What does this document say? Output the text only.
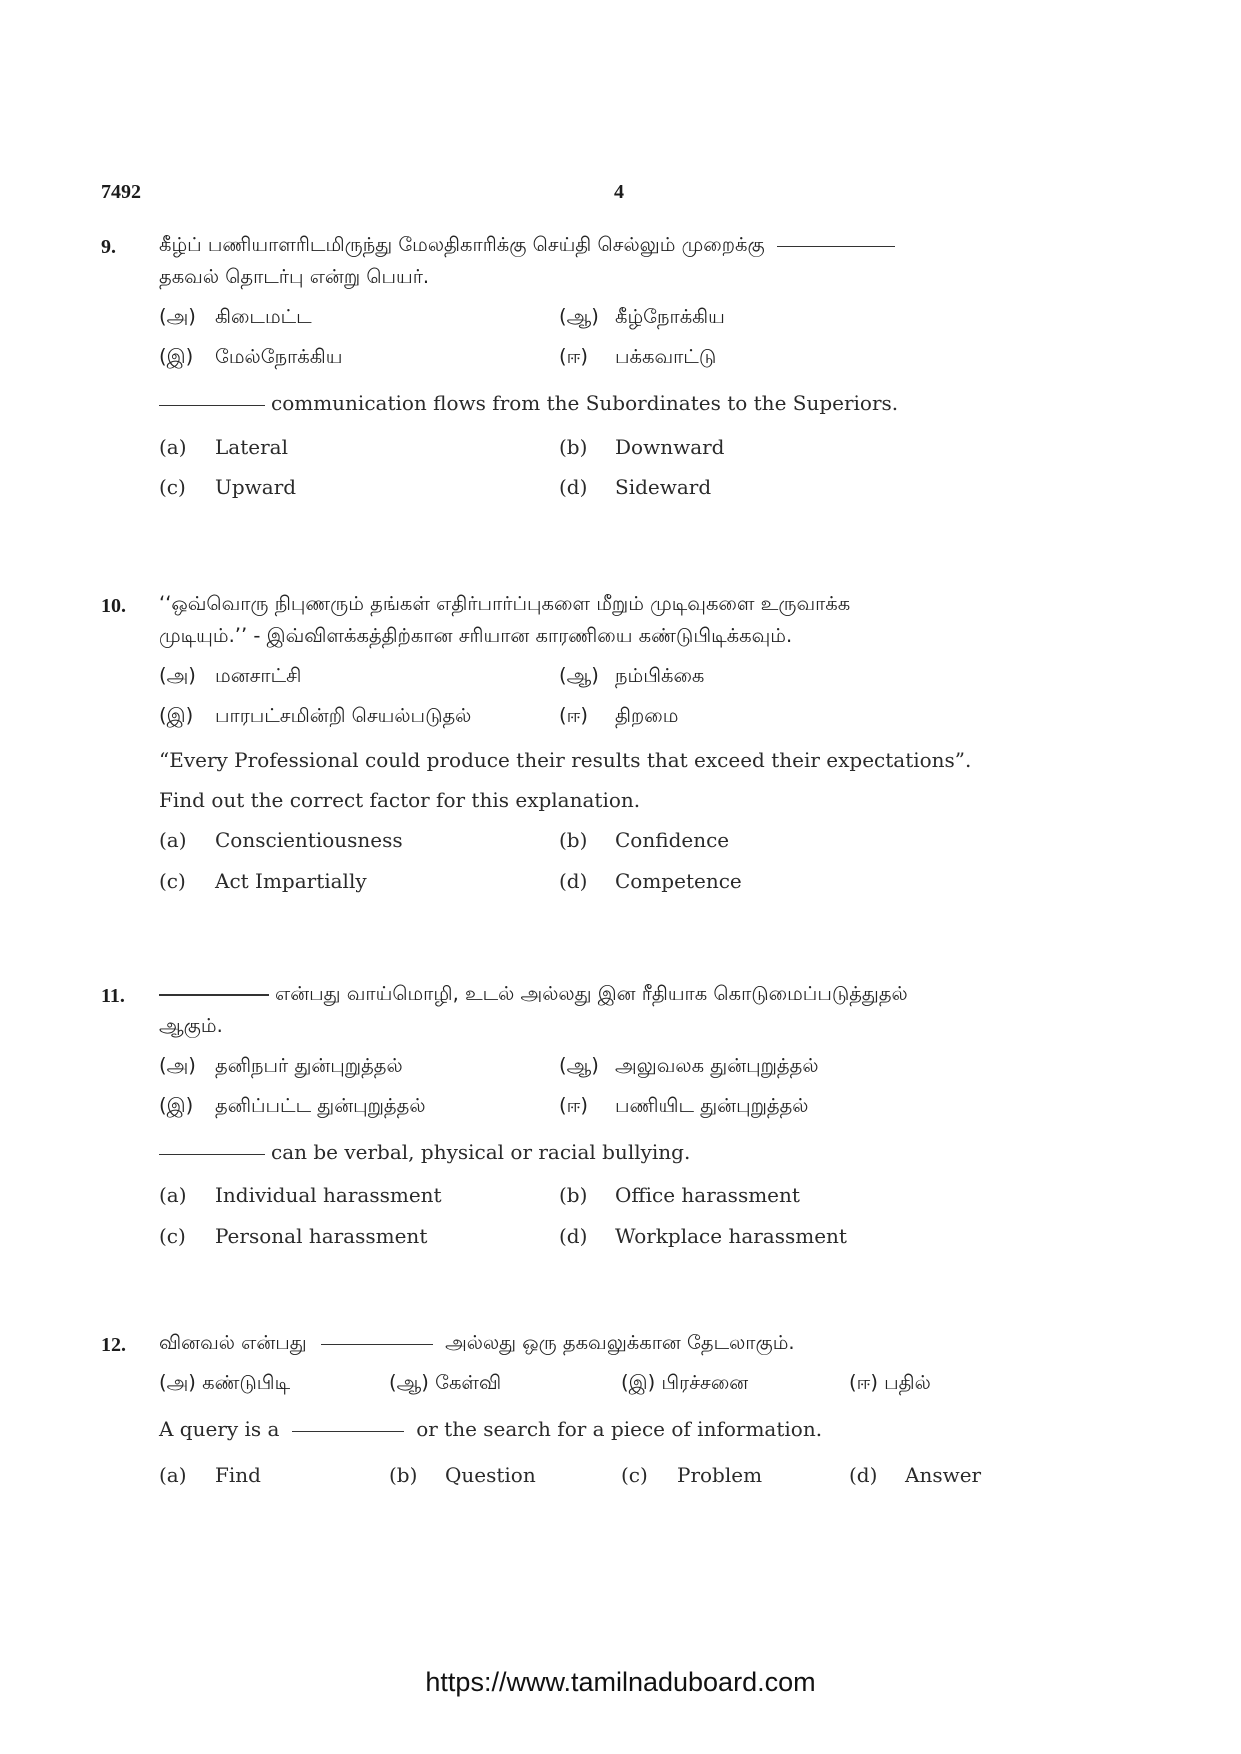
7492	4
9. கீழ்ப் பணியாளரிடமிருந்து மேலதிகாரிக்கு செய்தி செல்லும் முறைக்கு
தகவல் தொடர்பு என்று பெயர்.
(அ) கிடைமட்ட	(ஆ) கீழ்நோக்கிய
(இ) மேல்நோக்கிய	(ஈ) பக்கவாட்டு
communication flows from the Subordinates to the Superiors.
(a) Lateral	(b) Downward
(c) Upward	(d) Sideward
10. ‘‘ஒவ்வொரு நிபுணரும் தங்கள் எதிர்பார்ப்புகளை மீறும் முடிவுகளை உருவாக்க
முடியும்.’’ - இவ்விளக்கத்திற்கான சரியான காரணியை கண்டுபிடிக்கவும்.
(அ) மனசாட்சி	(ஆ) நம்பிக்கை
(இ) பாரபட்சமின்றி செயல்படுதல்	(ஈ) திறமை
“Every Professional could produce their results that exceed their expectations”.
Find out the correct factor for this explanation.
(a) Conscientiousness	(b) Confidence
(c) Act Impartially	(d) Competence
11.	என்பது வாய்மொழி, உடல் அல்லது இன ரீதியாக கொடுமைப்படுத்துதல்
ஆகும்.
(அ) தனிநபர் துன்புறுத்தல்	(ஆ) அலுவலக துன்புறுத்தல்
(இ) தனிப்பட்ட துன்புறுத்தல்	(ஈ) பணியிட துன்புறுத்தல்
can be verbal, physical or racial bullying.
(a) Individual harassment	(b) Office harassment
(c) Personal harassment	(d) Workplace harassment
12. வினவல் என்பது	அல்லது ஒரு தகவலுக்கான தேடலாகும்.
(அ) கண்டுபிடி	(ஆ) கேள்வி	(இ) பிரச்சனை	(ஈ) பதில்
A query is a	or the search for a piece of information.
(a) Find	(b) Question	(c) Problem	(d) Answer
https://www.tamilnaduboard.com
